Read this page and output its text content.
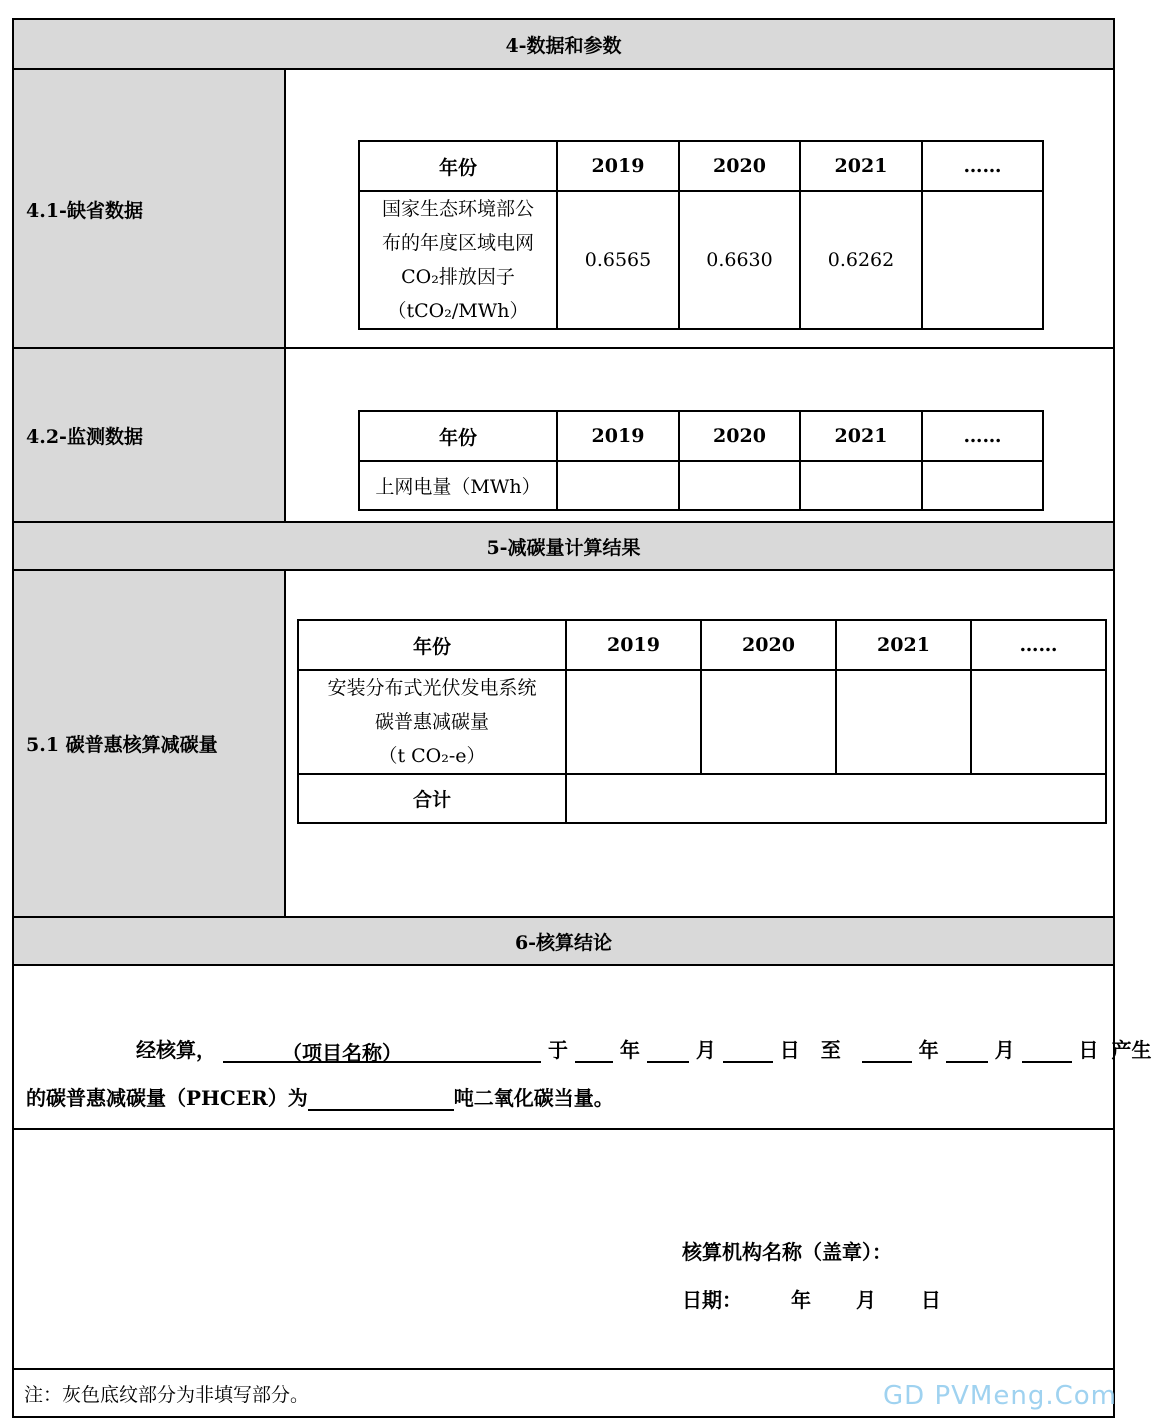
4-数据和参数
4.1-缺省数据
年份	2019	2020	2021	……

国家生态环境部公
布的年度区域电网
CO₂排放因子
（tCO₂/MWh）	0.6565	0.6630	0.6262	
4.2-监测数据	年份	2019	2020	2021	……
上网电量（MWh）				
5-减碳量计算结果
5.1 碳普惠核算减碳量
年份	2019	2020	2021	……

安装分布式光伏发电系统
碳普惠减碳量
（t CO₂-e）				

合计				
6-核算结论
经核算，	（项目名称）	于	年	月	日 至	年	月	日 产生
的碳普惠减碳量（PHCER）为	吨二氧化碳当量。
核算机构名称（盖章）：
日期： 年 月 日
注：灰色底纹部分为非填写部分。	GD PVMeng.Com
